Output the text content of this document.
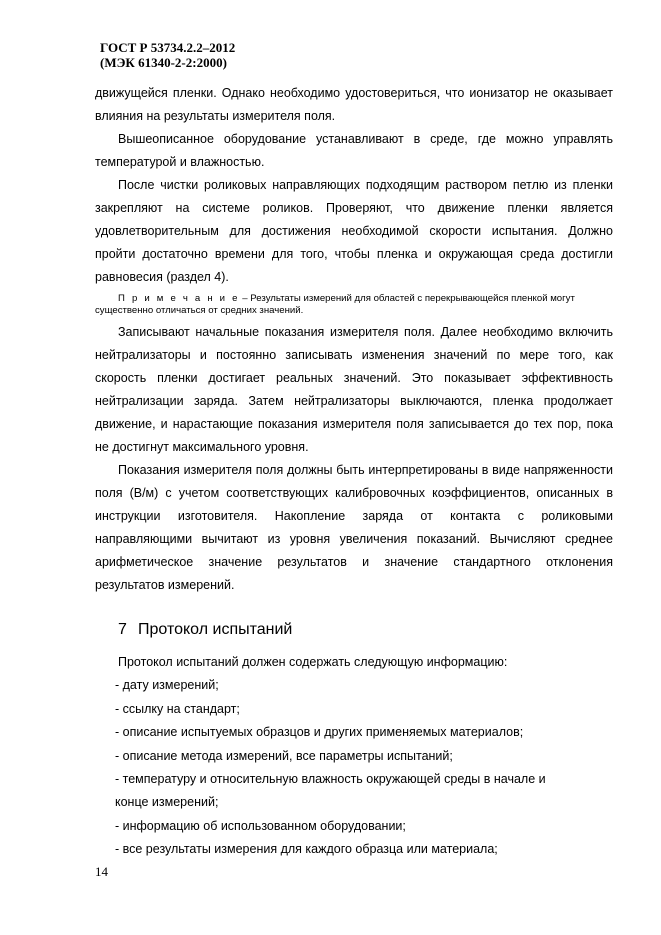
ГОСТ Р 53734.2.2–2012
(МЭК 61340-2-2:2000)

движущейся пленки. Однако необходимо удостовериться, что ионизатор не оказывает влияния на результаты измерителя поля.

Вышеописанное оборудование устанавливают в среде, где можно управлять температурой и влажностью.

После чистки роликовых направляющих подходящим раствором петлю из пленки закрепляют на системе роликов. Проверяют, что движение пленки является удовлетворительным для достижения необходимой скорости испытания. Должно пройти достаточно времени для того, чтобы пленка и окружающая среда достигли равновесия (раздел 4).

П р и м е ч а н и е – Результаты измерений для областей с перекрывающейся пленкой могут существенно отличаться от средних значений.

Записывают начальные показания измерителя поля. Далее необходимо включить нейтрализаторы и постоянно записывать изменения значений по мере того, как скорость пленки достигает реальных значений. Это показывает эффективность нейтрализации заряда. Затем нейтрализаторы выключаются, пленка продолжает движение, и нарастающие показания измерителя поля записывается до тех пор, пока не достигнут максимального уровня.

Показания измерителя поля должны быть интерпретированы в виде напряженности поля (В/м) с учетом соответствующих калибровочных коэффициентов, описанных в инструкции изготовителя. Накопление заряда от контакта с роликовыми направляющими вычитают из уровня увеличения показаний. Вычисляют среднее арифметическое значение результатов и значение стандартного отклонения результатов измерений.

7 Протокол испытаний

Протокол испытаний должен содержать следующую информацию:

- дату измерений;

- ссылку на стандарт;

- описание испытуемых образцов и других применяемых материалов;

- описание метода измерений, все параметры испытаний;

- температуру и относительную влажность окружающей среды в начале и

конце измерений;

- информацию об использованном оборудовании;

- все результаты измерения для каждого образца или материала;

14
